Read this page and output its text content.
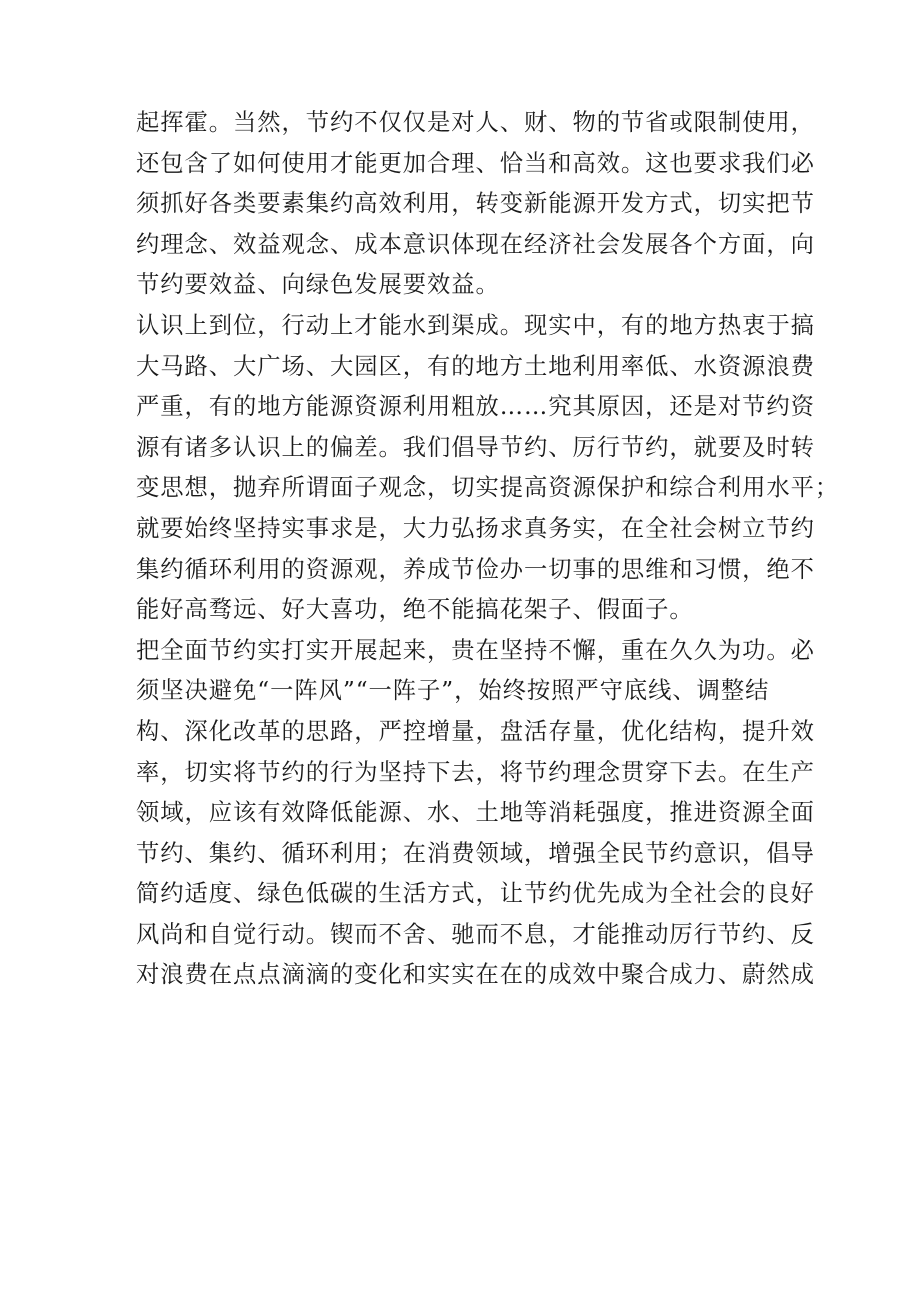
起挥霍。当然，节约不仅仅是对人、财、物的节省或限制使用，
还包含了如何使用才能更加合理、恰当和高效。这也要求我们必
须抓好各类要素集约高效利用，转变新能源开发方式，切实把节
约理念、效益观念、成本意识体现在经济社会发展各个方面，向
节约要效益、向绿色发展要效益。
认识上到位，行动上才能水到渠成。现实中，有的地方热衷于搞
大马路、大广场、大园区，有的地方土地利用率低、水资源浪费
严重，有的地方能源资源利用粗放……究其原因，还是对节约资
源有诸多认识上的偏差。我们倡导节约、厉行节约，就要及时转
变思想，抛弃所谓面子观念，切实提高资源保护和综合利用水平；
就要始终坚持实事求是，大力弘扬求真务实，在全社会树立节约
集约循环利用的资源观，养成节俭办一切事的思维和习惯，绝不
能好高骛远、好大喜功，绝不能搞花架子、假面子。
把全面节约实打实开展起来，贵在坚持不懈，重在久久为功。必
须坚决避免“一阵风”“一阵子”，始终按照严守底线、调整结
构、深化改革的思路，严控增量，盘活存量，优化结构，提升效
率，切实将节约的行为坚持下去，将节约理念贯穿下去。在生产
领域，应该有效降低能源、水、土地等消耗强度，推进资源全面
节约、集约、循环利用；在消费领域，增强全民节约意识，倡导
简约适度、绿色低碳的生活方式，让节约优先成为全社会的良好
风尚和自觉行动。锲而不舍、驰而不息，才能推动厉行节约、反
对浪费在点点滴滴的变化和实实在在的成效中聚合成力、蔚然成
